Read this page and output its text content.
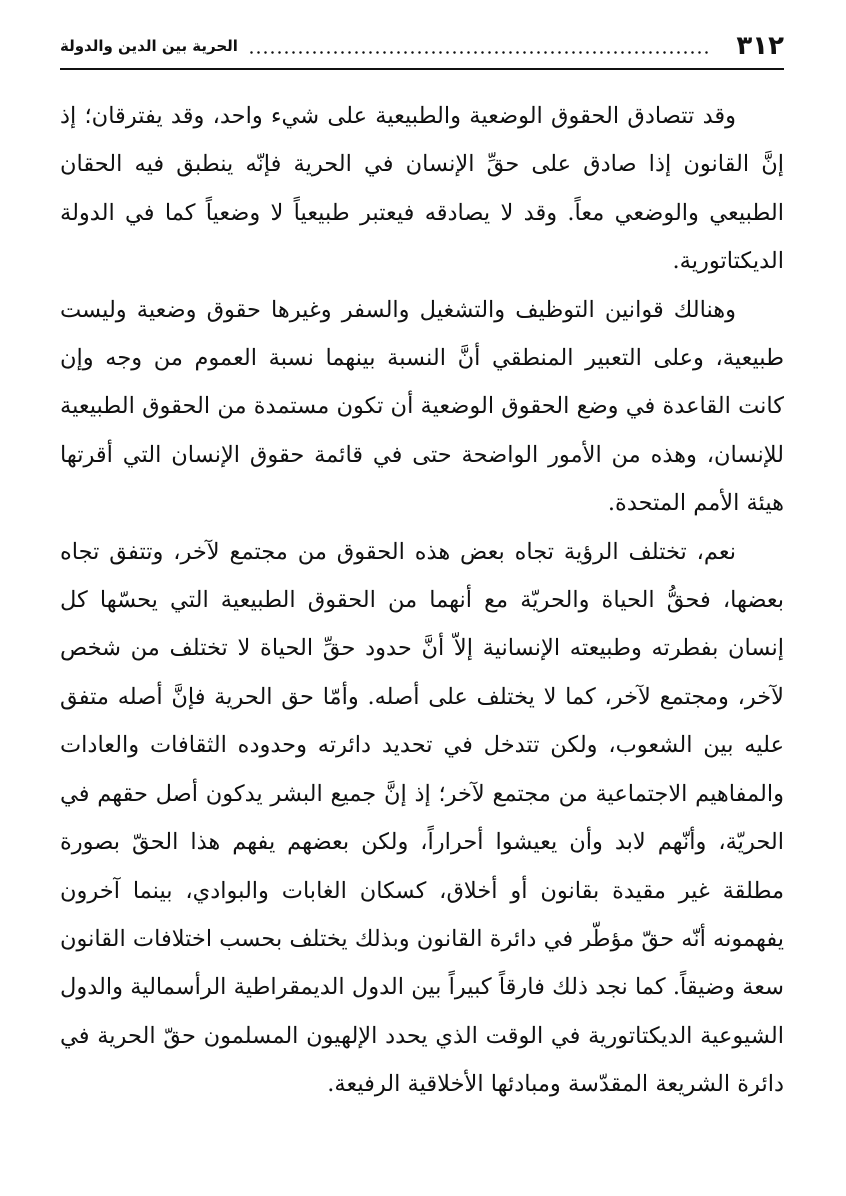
٣١٢
الحرية بين الدين والدولة

وقد تتصادق الحقوق الوضعية والطبيعية على شيء واحد، وقد يفترقان؛ إذ إنَّ القانون إذا صادق على حقِّ الإنسان في الحرية فإنّه ينطبق فيه الحقان الطبيعي والوضعي معاً. وقد لا يصادقه فيعتبر طبيعياً لا وضعياً كما في الدولة الديكتاتورية.

وهنالك قوانين التوظيف والتشغيل والسفر وغيرها حقوق وضعية وليست طبيعية، وعلى التعبير المنطقي أنَّ النسبة بينهما نسبة العموم من وجه وإن كانت القاعدة في وضع الحقوق الوضعية أن تكون مستمدة من الحقوق الطبيعية للإنسان، وهذه من الأمور الواضحة حتى في قائمة حقوق الإنسان التي أقرتها هيئة الأمم المتحدة.

نعم، تختلف الرؤية تجاه بعض هذه الحقوق من مجتمع لآخر، وتتفق تجاه بعضها، فحقُّ الحياة والحريّة مع أنهما من الحقوق الطبيعية التي يحسّها كل إنسان بفطرته وطبيعته الإنسانية إلاّ أنَّ حدود حقِّ الحياة لا تختلف من شخص لآخر، ومجتمع لآخر، كما لا يختلف على أصله. وأمّا حق الحرية فإنَّ أصله متفق عليه بين الشعوب، ولكن تتدخل في تحديد دائرته وحدوده الثقافات والعادات والمفاهيم الاجتماعية من مجتمع لآخر؛ إذ إنَّ جميع البشر يدكون أصل حقهم في الحريّة، وأنّهم لابد وأن يعيشوا أحراراً، ولكن بعضهم يفهم هذا الحقّ بصورة مطلقة غير مقيدة بقانون أو أخلاق، كسكان الغابات والبوادي، بينما آخرون يفهمونه أنّه حقّ مؤطّر في دائرة القانون وبذلك يختلف بحسب اختلافات القانون سعة وضيقاً. كما نجد ذلك فارقاً كبيراً بين الدول الديمقراطية الرأسمالية والدول الشيوعية الديكتاتورية في الوقت الذي يحدد الإلهيون المسلمون حقّ الحرية في دائرة الشريعة المقدّسة ومبادئها الأخلاقية الرفيعة.
